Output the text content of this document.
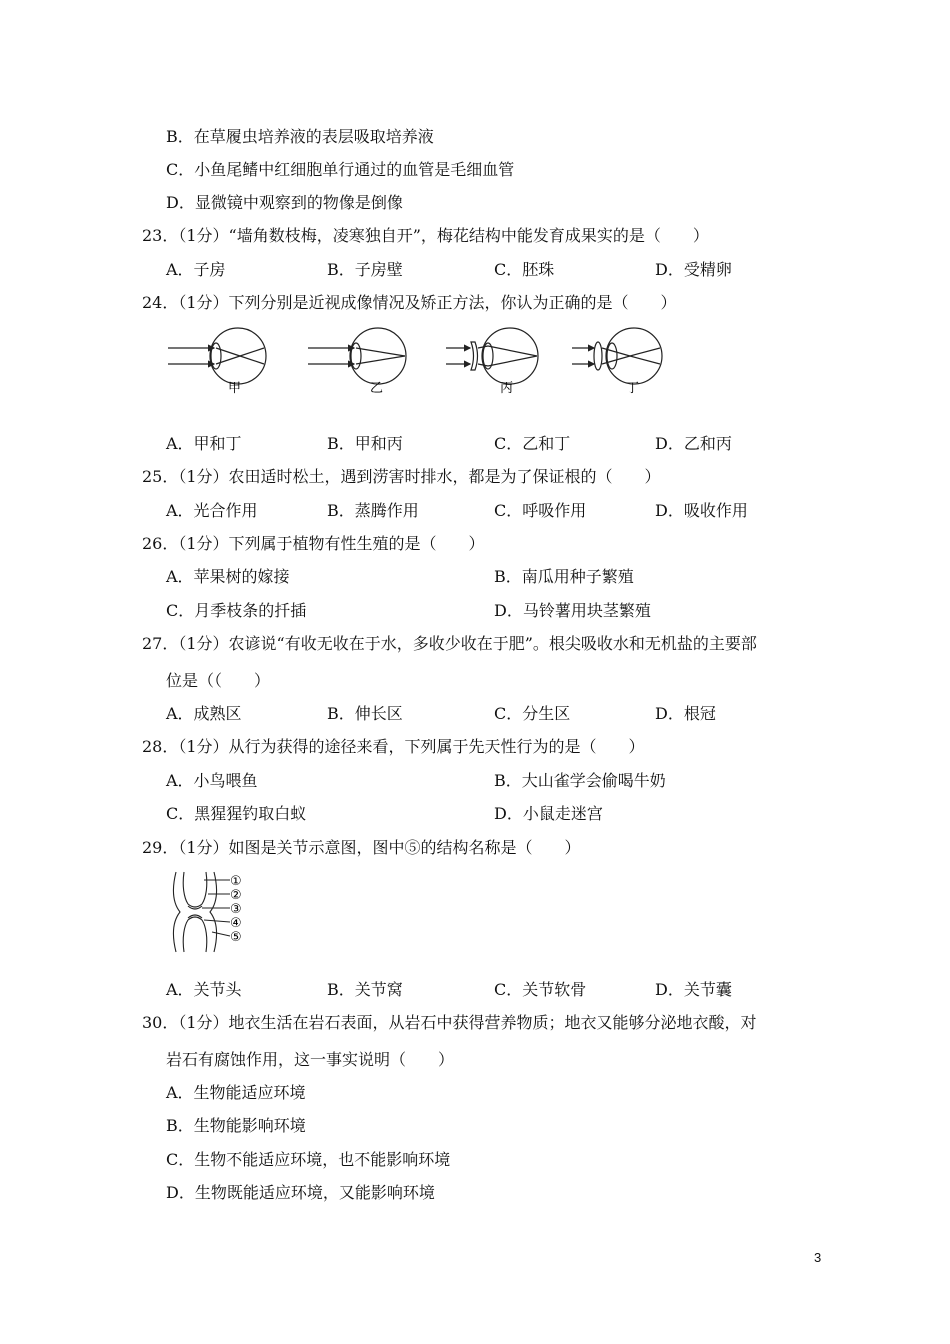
B．在草履虫培养液的表层吸取培养液
C．小鱼尾鳍中红细胞单行通过的血管是毛细血管
D．显微镜中观察到的物像是倒像
23．（1分）“墙角数枝梅，凌寒独自开”，梅花结构中能发育成果实的是（　　）
A．子房	B．子房壁	C．胚珠	D．受精卵
24．（1分）下列分别是近视成像情况及矫正方法，你认为正确的是（　　）
甲	乙	丙	丁
A．甲和丁	B．甲和丙	C．乙和丁	D．乙和丙
25．（1分）农田适时松土，遇到涝害时排水，都是为了保证根的（　　）
A．光合作用	B．蒸腾作用	C．呼吸作用	D．吸收作用
26．（1分）下列属于植物有性生殖的是（　　）
A．苹果树的嫁接	B．南瓜用种子繁殖
C．月季枝条的扦插	D．马铃薯用块茎繁殖
27．（1分）农谚说“有收无收在于水，多收少收在于肥”。根尖吸收水和无机盐的主要部
位是（（　　）
A．成熟区	B．伸长区	C．分生区	D．根冠
28．（1分）从行为获得的途径来看，下列属于先天性行为的是（　　）
A．小鸟喂鱼	B．大山雀学会偷喝牛奶
C．黑猩猩钓取白蚁	D．小鼠走迷宫
29．（1分）如图是关节示意图，图中⑤的结构名称是（　　）
①
②
③
④
⑤
A．关节头	B．关节窝	C．关节软骨	D．关节囊
30．（1分）地衣生活在岩石表面，从岩石中获得营养物质；地衣又能够分泌地衣酸，对
岩石有腐蚀作用，这一事实说明（　　）
A．生物能适应环境
B．生物能影响环境
C．生物不能适应环境，也不能影响环境
D．生物既能适应环境，又能影响环境
3
